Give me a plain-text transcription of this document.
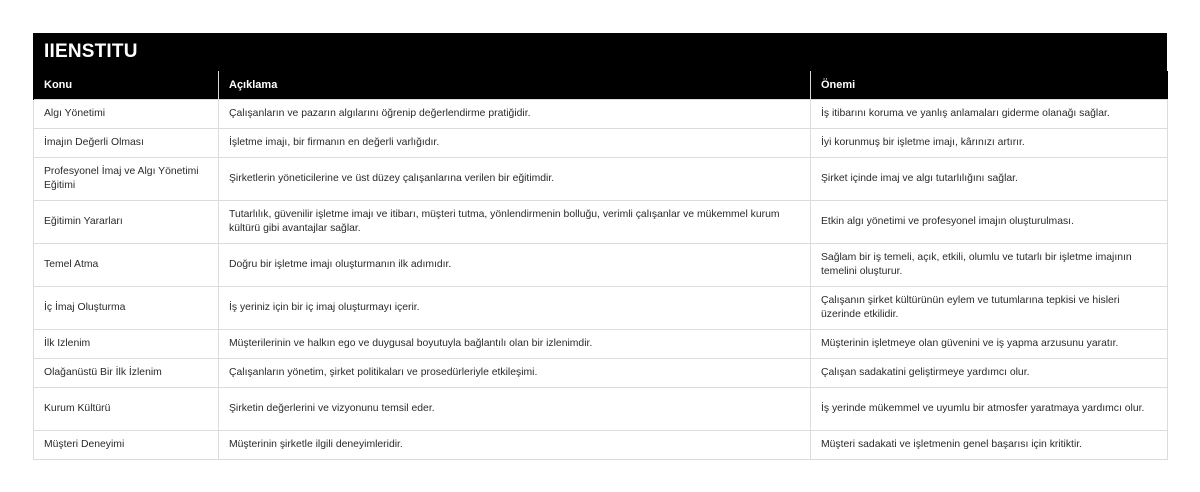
IIENSTITU
Konu	Açıklama	Önemi
Algı Yönetimi	Çalışanların ve pazarın algılarını öğrenip değerlendirme pratiğidir.	İş itibarını koruma ve yanlış anlamaları giderme olanağı sağlar.
İmajın Değerli Olması	İşletme imajı, bir firmanın en değerli varlığıdır.	İyi korunmuş bir işletme imajı, kârınızı artırır.
Profesyonel İmaj ve Algı Yönetimi Eğitimi	Şirketlerin yöneticilerine ve üst düzey çalışanlarına verilen bir eğitimdir.	Şirket içinde imaj ve algı tutarlılığını sağlar.
Eğitimin Yararları	Tutarlılık, güvenilir işletme imajı ve itibarı, müşteri tutma, yönlendirmenin bolluğu, verimli çalışanlar ve mükemmel kurum kültürü gibi avantajlar sağlar.	Etkin algı yönetimi ve profesyonel imajın oluşturulması.
Temel Atma	Doğru bir işletme imajı oluşturmanın ilk adımıdır.	Sağlam bir iş temeli, açık, etkili, olumlu ve tutarlı bir işletme imajının temelini oluşturur.
İç İmaj Oluşturma	İş yeriniz için bir iç imaj oluşturmayı içerir.	Çalışanın şirket kültürünün eylem ve tutumlarına tepkisi ve hisleri üzerinde etkilidir.
İlk Izlenim	Müşterilerinin ve halkın ego ve duygusal boyutuyla bağlantılı olan bir izlenimdir.	Müşterinin işletmeye olan güvenini ve iş yapma arzusunu yaratır.
Olağanüstü Bir İlk İzlenim	Çalışanların yönetim, şirket politikaları ve prosedürleriyle etkileşimi.	Çalışan sadakatini geliştirmeye yardımcı olur.
Kurum Kültürü	Şirketin değerlerini ve vizyonunu temsil eder.	İş yerinde mükemmel ve uyumlu bir atmosfer yaratmaya yardımcı olur.
Müşteri Deneyimi	Müşterinin şirketle ilgili deneyimleridir.	Müşteri sadakati ve işletmenin genel başarısı için kritiktir.
